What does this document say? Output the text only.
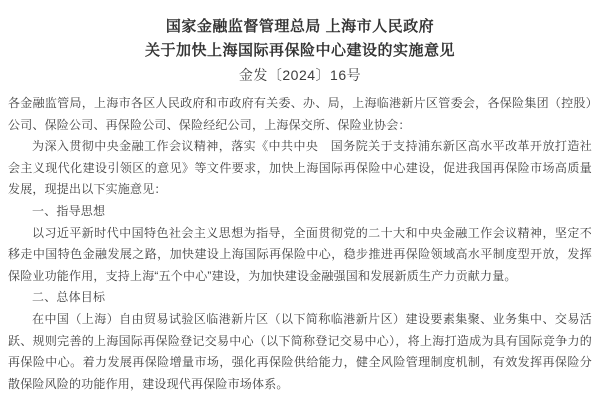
国家金融监督管理总局 上海市人民政府
关于加快上海国际再保险中心建设的实施意见
金发〔2024〕16号

各金融监管局，上海市各区人民政府和市政府有关委、办、局，上海临港新片区管委会，各保险集团（控股）公司、保险公司、再保险公司、保险经纪公司，上海保交所、保险业协会：

为深入贯彻中央金融工作会议精神，落实《中共中央　国务院关于支持浦东新区高水平改革开放打造社会主义现代化建设引领区的意见》等文件要求，加快上海国际再保险中心建设，促进我国再保险市场高质量发展，现提出以下实施意见：

一、指导思想

以习近平新时代中国特色社会主义思想为指导，全面贯彻党的二十大和中央金融工作会议精神，坚定不移走中国特色金融发展之路，加快建设上海国际再保险中心，稳步推进再保险领域高水平制度型开放，发挥保险业功能作用，支持上海“五个中心”建设，为加快建设金融强国和发展新质生产力贡献力量。

二、总体目标

在中国（上海）自由贸易试验区临港新片区（以下简称临港新片区）建设要素集聚、业务集中、交易活跃、规则完善的上海国际再保险登记交易中心（以下简称登记交易中心），将上海打造成为具有国际竞争力的再保险中心。着力发展再保险增量市场，强化再保险供给能力，健全风险管理制度机制，有效发挥再保险分散保险风险的功能作用，建设现代再保险市场体系。
